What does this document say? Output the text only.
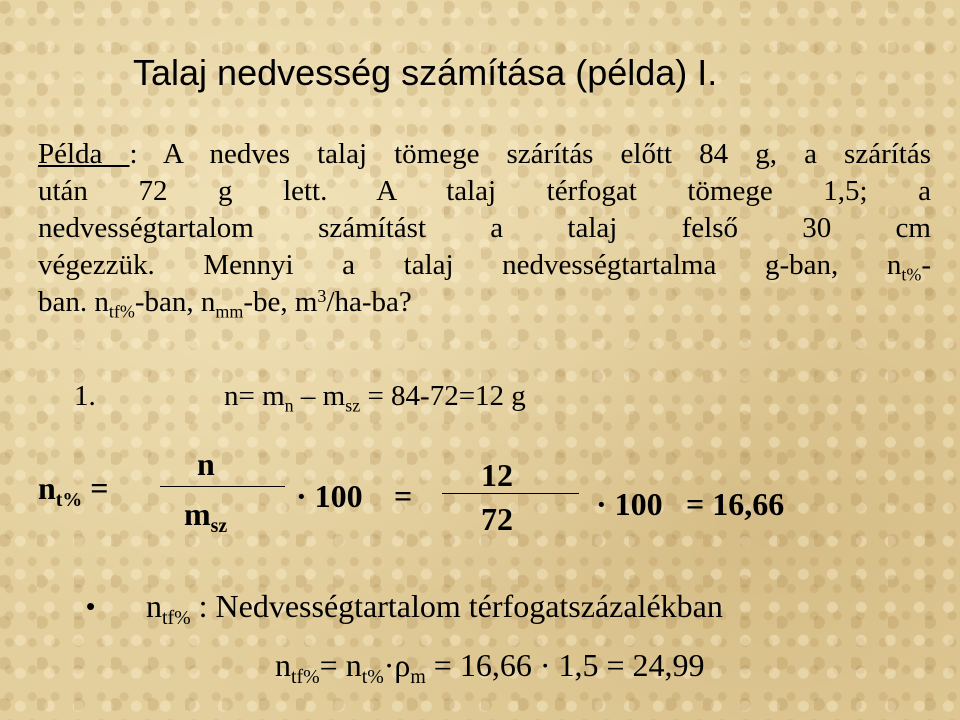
Talaj nedvesség számítása (példa) I.
Példa : A nedves talaj tömege szárítás előtt 84 g, a szárítás
után 72 g lett. A talaj térfogat tömege 1,5; a
nedvességtartalom számítást a talaj felső 30 cm
végezzük. Mennyi a talaj nedvességtartalma g-ban, $n_{t\%}-$
ban. $n_{tf\%}$-ban, $n_{mm}-be$, $m^3/ha-ba$?
1.	$n= m_n - m_{sz} = 84-72=12$ g
$n_{t\%}$ =
n
$m_{sz}$
· 100 =
12
72	· 100 = 16,66
• $n_{tf\%}$ : Nedvességtartalom térfogatszázalékban
$n_{tf\%}= n_{t\%}\cdot\rho_m = 16,66 \cdot 1,5 = 24,99$
